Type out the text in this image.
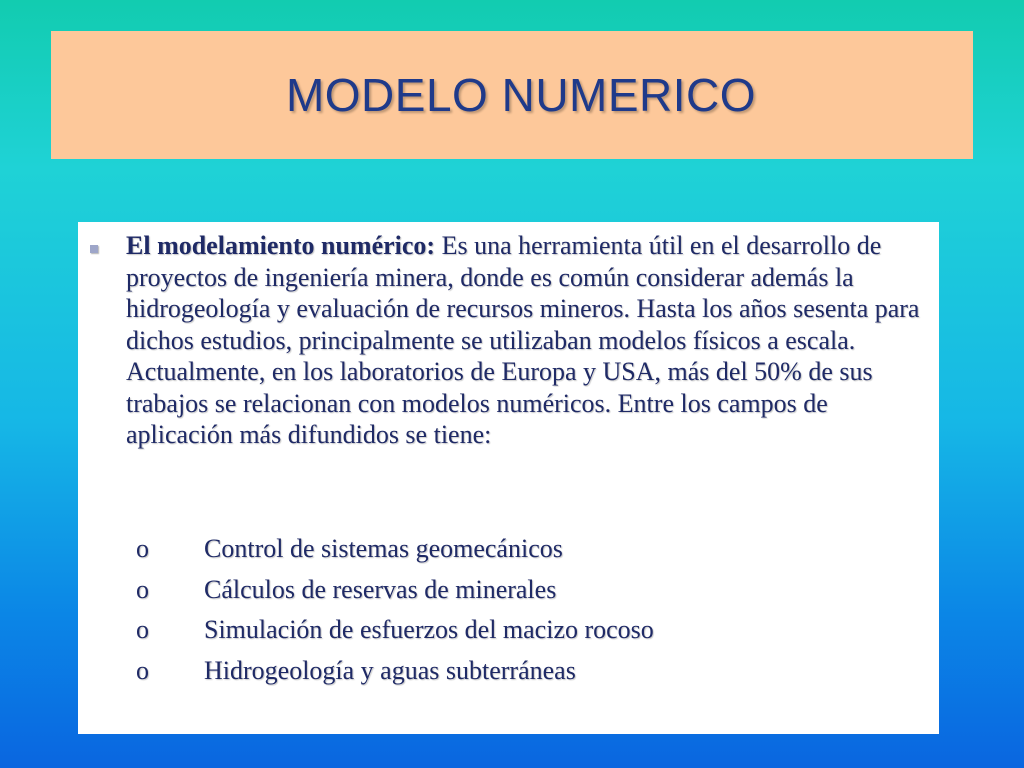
MODELO NUMERICO
El modelamiento numérico: Es una herramienta útil en el desarrollo de proyectos de ingeniería minera, donde es común considerar además la hidrogeología y evaluación de recursos mineros. Hasta los años sesenta para dichos estudios, principalmente se utilizaban modelos físicos a escala. Actualmente, en los laboratorios de Europa y USA, más del 50% de sus trabajos se relacionan con modelos numéricos. Entre los campos de aplicación más difundidos se tiene:
o	Control de sistemas geomecánicos
o	Cálculos de reservas de minerales
o	Simulación de esfuerzos del macizo rocoso
o	Hidrogeología y aguas subterráneas
